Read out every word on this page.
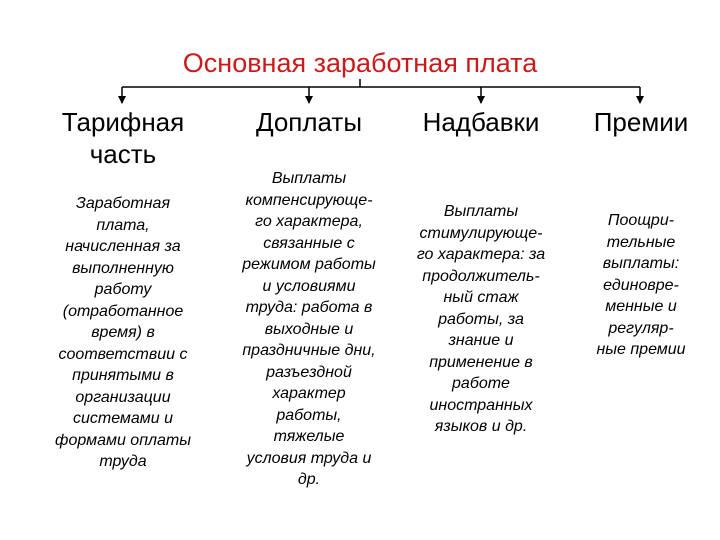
Основная заработная плата
Тарифная
часть
Заработная
плата,
начисленная за
выполненную
работу
(отработанное
время) в
соответствии с
принятыми в
организации
системами и
формами оплаты
труда
Доплаты
Выплаты
компенсирующе-
го характера,
связанные с
режимом работы
и условиями
труда: работа в
выходные и
праздничные дни,
разъездной
характер
работы,
тяжелые
условия труда и
др.
Надбавки
Выплаты
стимулирующе-
го характера: за
продолжитель-
ный стаж
работы, за
знание и
применение в
работе
иностранных
языков и др.
Премии
Поощри-
тельные
выплаты:
единовре-
менные и
регуляр-
ные премии
